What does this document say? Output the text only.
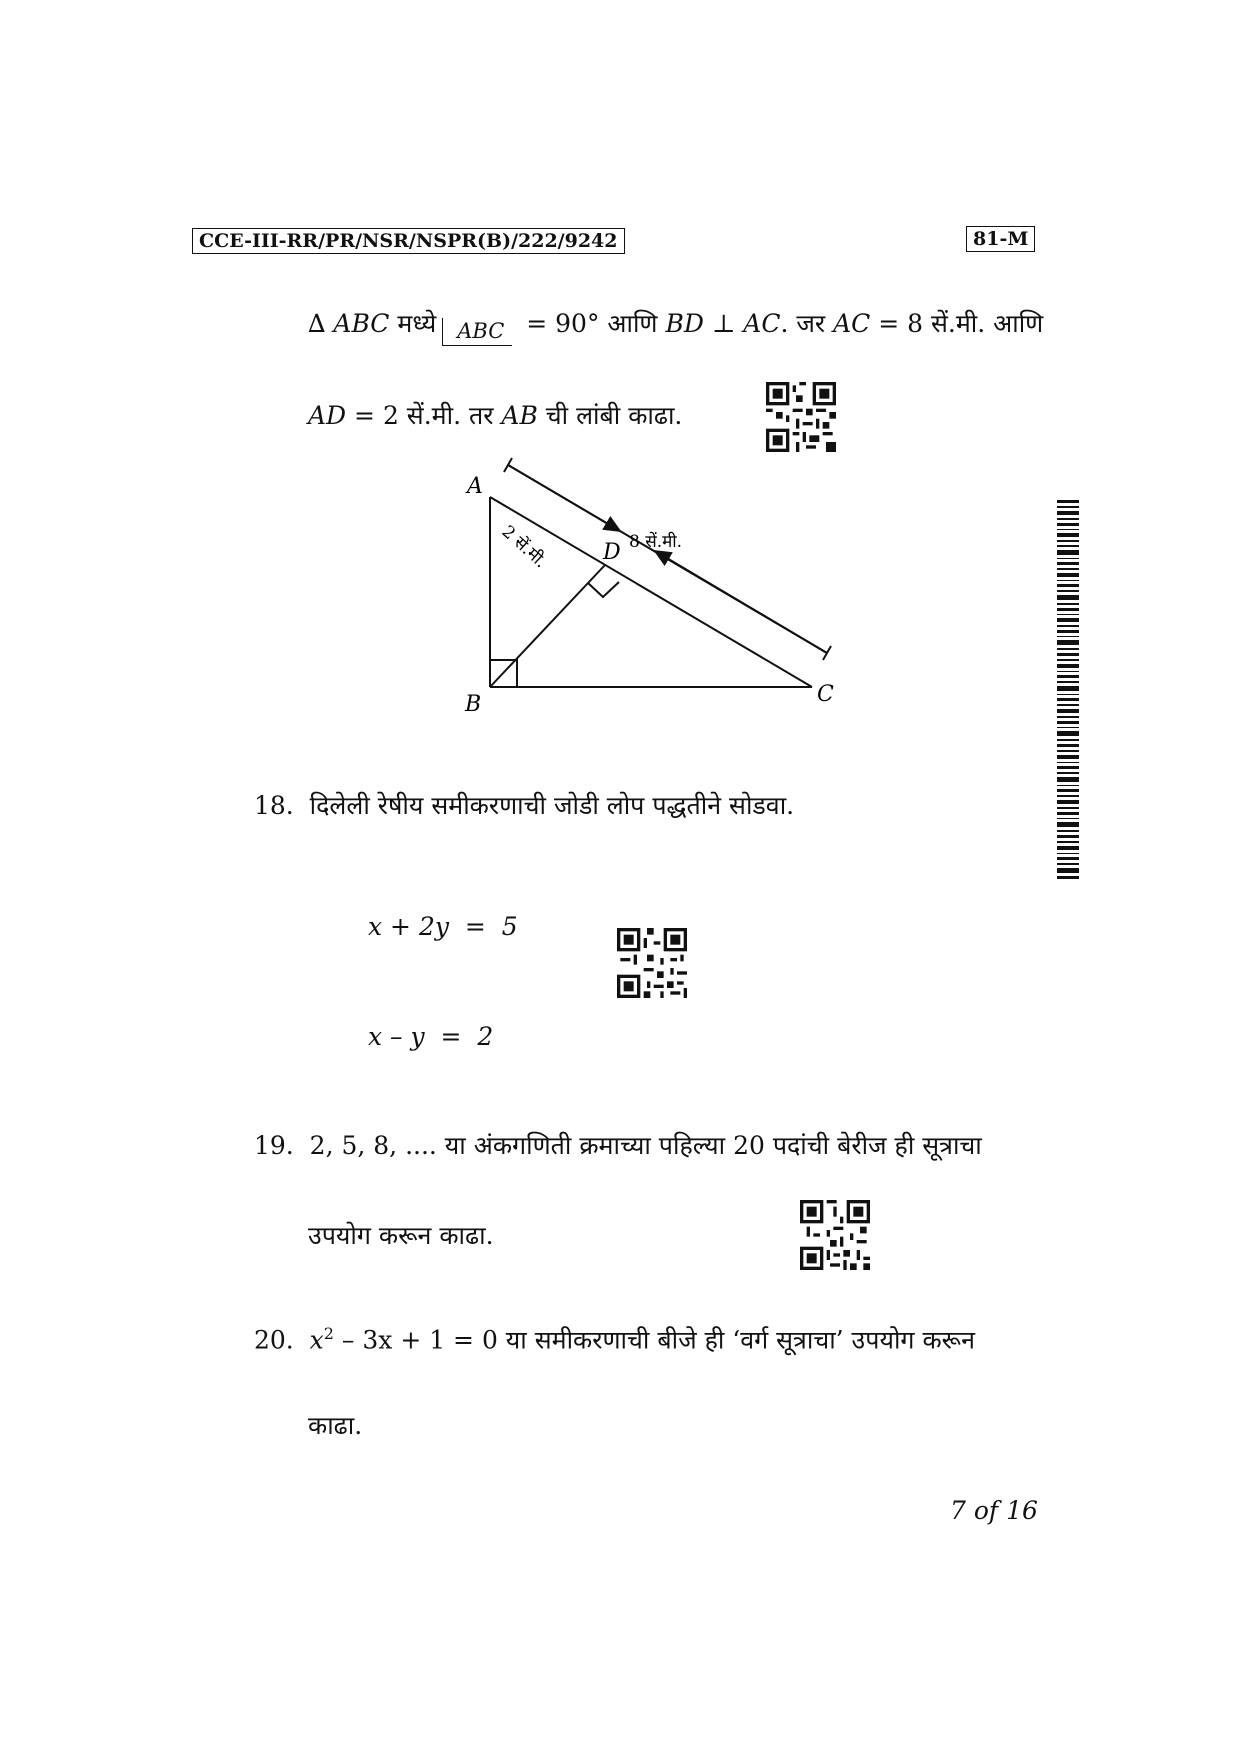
CCE-III-RR/PR/NSR/NSPR(B)/222/9242	81-M
∆ ABC मध्ये ABC = 90° आणि BD ⊥ AC. जर AC = 8 सें.मी. आणि
AD = 2 सें.मी. तर AB ची लांबी काढा.
A
B	C
D 8 सें.मी.
2 सें.मी.
18. दिलेली रेषीय समीकरणाची जोडी लोप पद्धतीने सोडवा.
x + 2y  =  5
x – y  =  2
19. 2, 5, 8, .... या अंकगणिती क्रमाच्या पहिल्या 20 पदांची बेरीज ही सूत्राचा
उपयोग करून काढा.
20. $x^2 - 3x + 1 = 0$ या समीकरणाची बीजे ही ‘वर्ग सूत्राचा’ उपयोग करून
काढा.
7 of 16
